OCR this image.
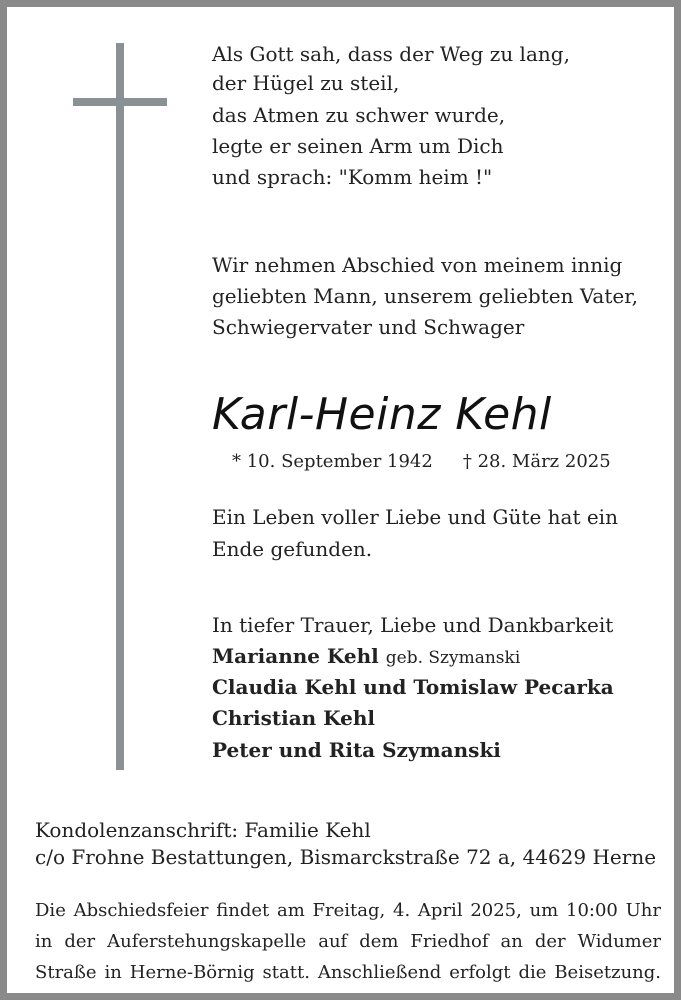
Als Gott sah, dass der Weg zu lang,
der Hügel zu steil,
das Atmen zu schwer wurde,
legte er seinen Arm um Dich
und sprach: "Komm heim !"
Wir nehmen Abschied von meinem innig
geliebten Mann, unserem geliebten Vater,
Schwiegervater und Schwager
Karl-Heinz Kehl
* 10. September 1942 † 28. März 2025
Ein Leben voller Liebe und Güte hat ein
Ende gefunden.
In tiefer Trauer, Liebe und Dankbarkeit
Marianne Kehl geb. Szymanski
Claudia Kehl und Tomislaw Pecarka
Christian Kehl
Peter und Rita Szymanski
Kondolenzanschrift: Familie Kehl
c/o Frohne Bestattungen, Bismarckstraße 72 a, 44629 Herne
Die Abschiedsfeier findet am Freitag, 4. April 2025, um 10:00 Uhr
in der Auferstehungskapelle auf dem Friedhof an der Widumer
Straße in Herne-Börnig statt. Anschließend erfolgt die Beisetzung.
